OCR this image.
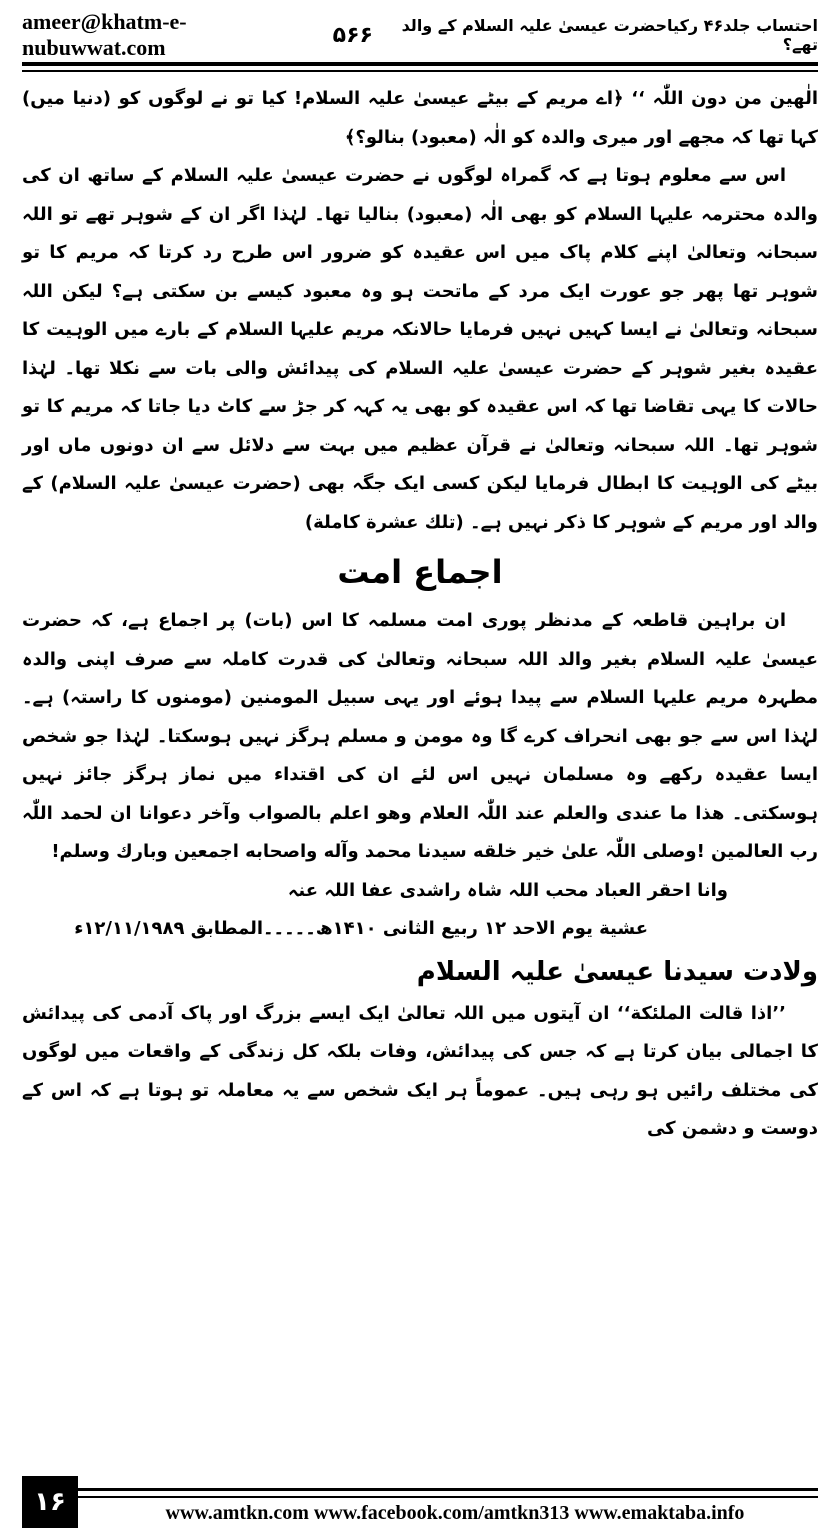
ameer@khatm-e-nubuwwat.com	۵۶۶	احتساب جلد۴۶ رکیاحضرت عیسیٰ علیہ السلام کے والد تھے؟

الٰھین من دون اللّٰہ ‘‘ ﴿اے مریم کے بیٹے عیسیٰ علیہ السلام! کیا تو نے لوگوں کو (دنیا میں) کہا تھا کہ مجھے اور میری والدہ کو الٰہ (معبود) بنالو؟﴾

اس سے معلوم ہوتا ہے کہ گمراہ لوگوں نے حضرت عیسیٰ علیہ السلام کے ساتھ ان کی والدہ محترمہ علیہا السلام کو بھی الٰہ (معبود) بنالیا تھا۔ لہٰذا اگر ان کے شوہر تھے تو اللہ سبحانہ وتعالیٰ اپنے کلام پاک میں اس عقیدہ کو ضرور اس طرح رد کرتا کہ مریم کا تو شوہر تھا پھر جو عورت ایک مرد کے ماتحت ہو وہ معبود کیسے بن سکتی ہے؟ لیکن اللہ سبحانہ وتعالیٰ نے ایسا کہیں نہیں فرمایا حالانکہ مریم علیہا السلام کے بارے میں الوہیت کا عقیدہ بغیر شوہر کے حضرت عیسیٰ علیہ السلام کی پیدائش والی بات سے نکلا تھا۔ لہٰذا حالات کا یہی تقاضا تھا کہ اس عقیدہ کو بھی یہ کہہ کر جڑ سے کاٹ دیا جاتا کہ مریم کا تو شوہر تھا۔ اللہ سبحانہ وتعالیٰ نے قرآن عظیم میں بہت سے دلائل سے ان دونوں ماں اور بیٹے کی الوہیت کا ابطال فرمایا لیکن کسی ایک جگہ بھی (حضرت عیسیٰ علیہ السلام) کے والد اور مریم کے شوہر کا ذکر نہیں ہے۔ (تلك عشرة كاملة)

اجماع امت

ان براہین قاطعہ کے مدنظر پوری امت مسلمہ کا اس (بات) پر اجماع ہے، کہ حضرت عیسیٰ علیہ السلام بغیر والد اللہ سبحانہ وتعالیٰ کی قدرت کاملہ سے صرف اپنی والدہ مطہرہ مریم علیہا السلام سے پیدا ہوئے اور یہی سبیل المومنین (مومنوں کا راستہ) ہے۔ لہٰذا اس سے جو بھی انحراف کرے گا وہ مومن و مسلم ہرگز نہیں ہوسکتا۔ لہٰذا جو شخص ایسا عقیدہ رکھے وہ مسلمان نہیں اس لئے ان کی اقتداء میں نماز ہرگز جائز نہیں ہوسکتی۔ ھذا ما عندی والعلم عند اللّٰہ العلام وھو اعلم بالصواب وآخر دعوانا ان لحمد اللّٰہ رب العالمین !وصلی اللّٰہ علیٰ خیر خلقه سیدنا محمد وآله واصحابه اجمعین وبارك وسلم!

وانا احقر العباد محب اللہ شاہ راشدی عفا اللہ عنہ

عشیة یوم الاحد ۱۲ ربیع الثانی ۱۴۱۰ھ۔۔۔۔۔المطابق ۱۲/۱۱/۱۹۸۹ء

ولادت سیدنا عیسیٰ علیہ السلام

’’اذا قالت الملئكة‘‘ ان آیتوں میں اللہ تعالیٰ ایک ایسے بزرگ اور پاک آدمی کی پیدائش کا اجمالی بیان کرتا ہے کہ جس کی پیدائش، وفات بلکہ کل زندگی کے واقعات میں لوگوں کی مختلف رائیں ہو رہی ہیں۔ عموماً ہر ایک شخص سے یہ معاملہ تو ہوتا ہے کہ اس کے دوست و دشمن کی

۱۶	www.amtkn.com www.facebook.com/amtkn313 www.emaktaba.info
